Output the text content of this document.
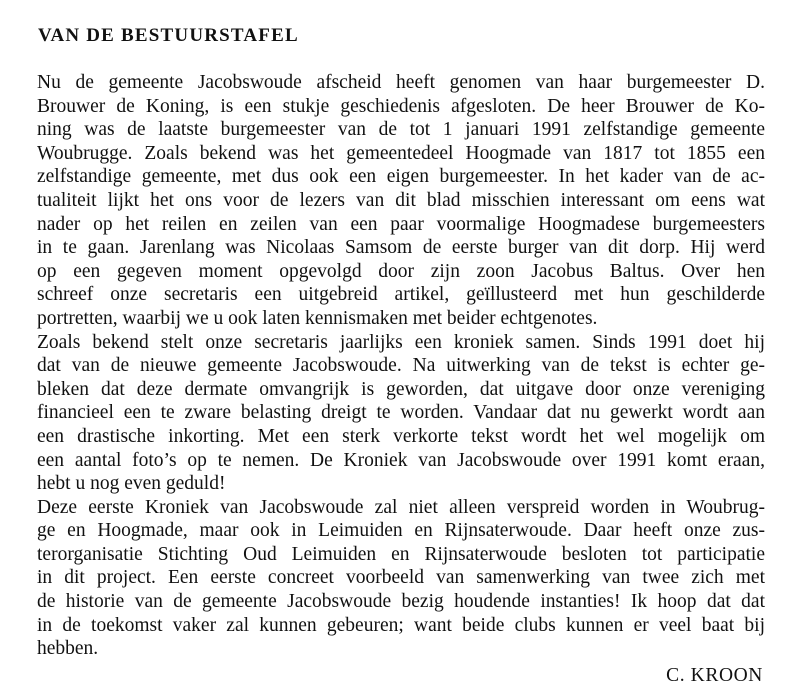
VAN DE BESTUURSTAFEL
Nu de gemeente Jacobswoude afscheid heeft genomen van haar burgemeester D.
Brouwer de Koning, is een stukje geschiedenis afgesloten. De heer Brouwer de Ko-
ning was de laatste burgemeester van de tot 1 januari 1991 zelfstandige gemeente
Woubrugge. Zoals bekend was het gemeentedeel Hoogmade van 1817 tot 1855 een
zelfstandige gemeente, met dus ook een eigen burgemeester. In het kader van de ac-
tualiteit lijkt het ons voor de lezers van dit blad misschien interessant om eens wat
nader op het reilen en zeilen van een paar voormalige Hoogmadese burgemeesters
in te gaan. Jarenlang was Nicolaas Samsom de eerste burger van dit dorp. Hij werd
op een gegeven moment opgevolgd door zijn zoon Jacobus Baltus. Over hen
schreef onze secretaris een uitgebreid artikel, geïllusteerd met hun geschilderde
portretten, waarbij we u ook laten kennismaken met beider echtgenotes.
Zoals bekend stelt onze secretaris jaarlijks een kroniek samen. Sinds 1991 doet hij
dat van de nieuwe gemeente Jacobswoude. Na uitwerking van de tekst is echter ge-
bleken dat deze dermate omvangrijk is geworden, dat uitgave door onze vereniging
financieel een te zware belasting dreigt te worden. Vandaar dat nu gewerkt wordt aan
een drastische inkorting. Met een sterk verkorte tekst wordt het wel mogelijk om
een aantal foto’s op te nemen. De Kroniek van Jacobswoude over 1991 komt eraan,
hebt u nog even geduld!
Deze eerste Kroniek van Jacobswoude zal niet alleen verspreid worden in Woubrug-
ge en Hoogmade, maar ook in Leimuiden en Rijnsaterwoude. Daar heeft onze zus-
terorganisatie Stichting Oud Leimuiden en Rijnsaterwoude besloten tot participatie
in dit project. Een eerste concreet voorbeeld van samenwerking van twee zich met
de historie van de gemeente Jacobswoude bezig houdende instanties! Ik hoop dat dat
in de toekomst vaker zal kunnen gebeuren; want beide clubs kunnen er veel baat bij
hebben.
C. KROON
